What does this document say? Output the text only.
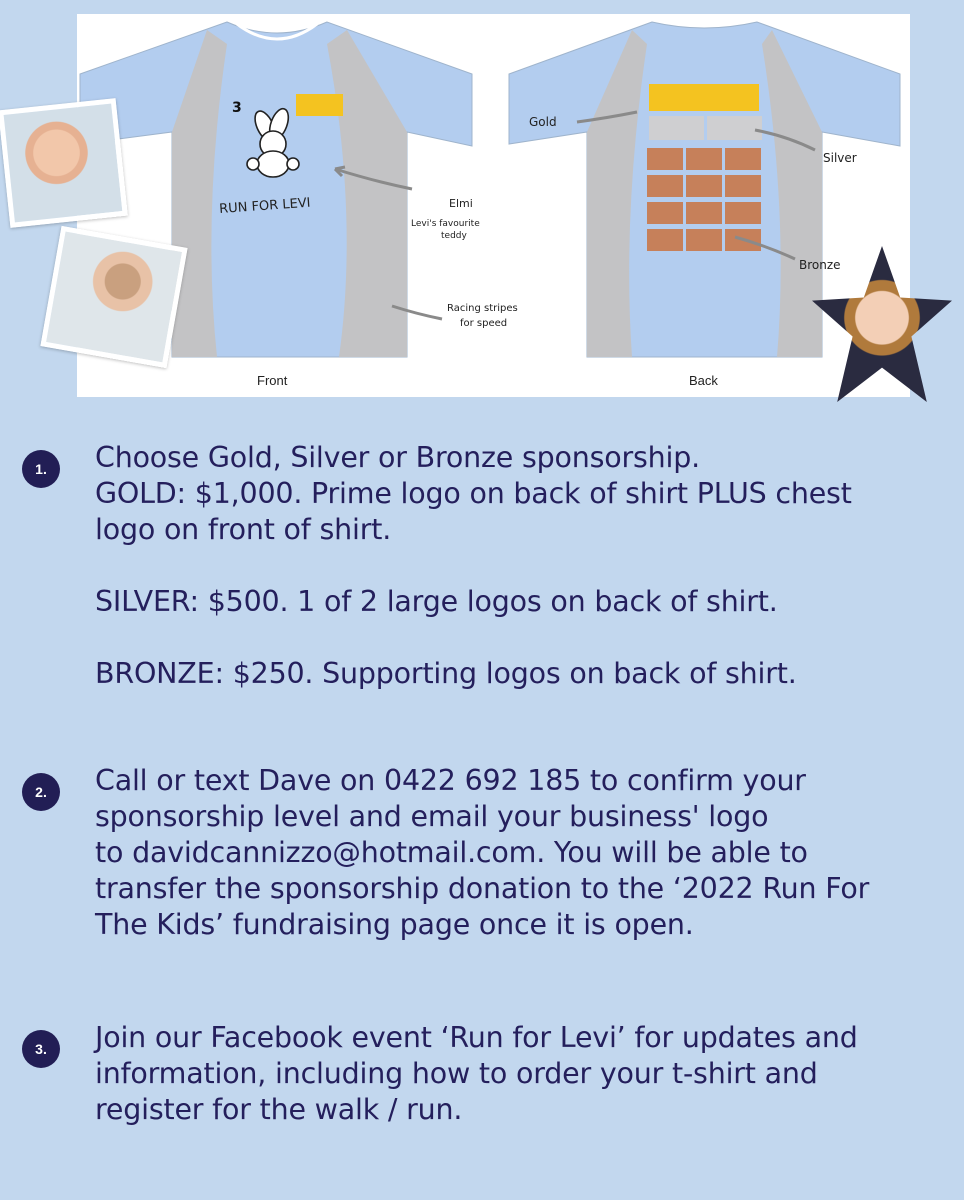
3
RUN FOR LEVI	Elmi
Levi's favourite
teddy
Racing stripes
for speed
Front
Gold
Silver
Bronze
Back
1.	Choose Gold, Silver or Bronze sponsorship.

GOLD: $1,000. Prime logo on back of shirt PLUS chest

logo on front of shirt.

SILVER: $500. 1 of 2 large logos on back of shirt.

BRONZE: $250. Supporting logos on back of shirt.

2.	Call or text Dave on 0422 692 185 to confirm your

sponsorship level and email your business' logo

to davidcannizzo@hotmail.com. You will be able to

transfer the sponsorship donation to the ‘2022 Run For

The Kids’ fundraising page once it is open.

3.	Join our Facebook event ‘Run for Levi’ for updates and

information, including how to order your t-shirt and

register for the walk / run.
